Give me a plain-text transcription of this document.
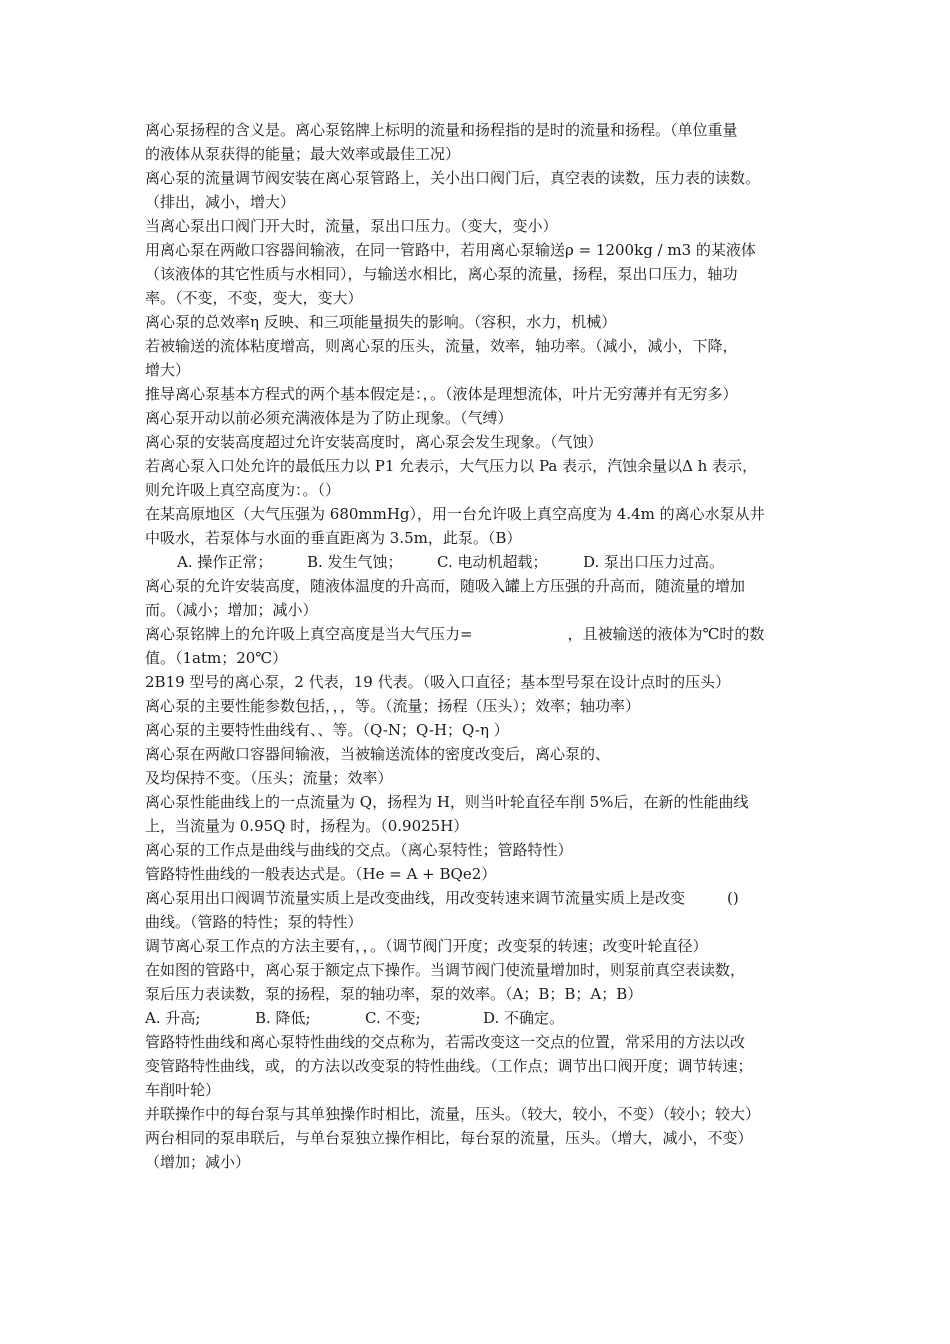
离心泵扬程的含义是。离心泵铭牌上标明的流量和扬程指的是时的流量和扬程。（单位重量
的液体从泵获得的能量；最大效率或最佳工况）
离心泵的流量调节阀安装在离心泵管路上，关小出口阀门后，真空表的读数，压力表的读数。
（排出，减小，增大）
当离心泵出口阀门开大时，流量，泵出口压力。（变大，变小）
用离心泵在两敞口容器间输液，在同一管路中，若用离心泵输送ρ = 1200kg / m3 的某液体
（该液体的其它性质与水相同），与输送水相比，离心泵的流量，扬程，泵出口压力，轴功
率。（不变，不变，变大，变大）
离心泵的总效率η 反映、和三项能量损失的影响。（容积，水力，机械）
若被输送的流体粘度增高，则离心泵的压头，流量，效率，轴功率。（减小，减小，下降，
增大）
推导离心泵基本方程式的两个基本假定是：，。（液体是理想流体，叶片无穷薄并有无穷多）
离心泵开动以前必须充满液体是为了防止现象。（气缚）
离心泵的安装高度超过允许安装高度时，离心泵会发生现象。（气蚀）
若离心泵入口处允许的最低压力以 P1 允表示，大气压力以 Pa 表示，汽蚀余量以Δ h 表示，
则允许吸上真空高度为：。（）
在某高原地区（大气压强为 680mmHg），用一台允许吸上真空高度为 4.4m 的离心水泵从井
中吸水，若泵体与水面的垂直距离为 3.5m，此泵。（B）
A. 操作正常；	B. 发生气蚀；	C. 电动机超载；	D. 泵出口压力过高。
离心泵的允许安装高度，随液体温度的升高而，随吸入罐上方压强的升高而，随流量的增加
而。（减小；增加；减小）
离心泵铭牌上的允许吸上真空高度是当大气压力=	，且被输送的液体为℃时的数
值。（1atm；20℃）
2B19 型号的离心泵，2 代表，19 代表。（吸入口直径；基本型号泵在设计点时的压头）
离心泵的主要性能参数包括，，，等。（流量；扬程（压头）；效率；轴功率）
离心泵的主要特性曲线有、、等。（Q-N；Q-H；Q-η ）
离心泵在两敞口容器间输液，当被输送流体的密度改变后，离心泵的、
及均保持不变。（压头；流量；效率）
离心泵性能曲线上的一点流量为 Q，扬程为 H，则当叶轮直径车削 5%后，在新的性能曲线
上，当流量为 0.95Q 时，扬程为。（0.9025H）
离心泵的工作点是曲线与曲线的交点。（离心泵特性；管路特性）
管路特性曲线的一般表达式是。（He = A + BQe2）
离心泵用出口阀调节流量实质上是改变曲线，用改变转速来调节流量实质上是改变	()
曲线。（管路的特性；泵的特性）
调节离心泵工作点的方法主要有，，。（调节阀门开度；改变泵的转速；改变叶轮直径）
在如图的管路中，离心泵于额定点下操作。当调节阀门使流量增加时，则泵前真空表读数，
泵后压力表读数，泵的扬程，泵的轴功率，泵的效率。（A；B；B；A；B）
A. 升高;	B. 降低;	C. 不变;	D. 不确定。
管路特性曲线和离心泵特性曲线的交点称为，若需改变这一交点的位置，常采用的方法以改
变管路特性曲线，或，的方法以改变泵的特性曲线。（工作点；调节出口阀开度；调节转速；
车削叶轮）
并联操作中的每台泵与其单独操作时相比，流量，压头。（较大，较小，不变）（较小；较大）
两台相同的泵串联后，与单台泵独立操作相比，每台泵的流量，压头。（增大，减小，不变）
（增加；减小）
